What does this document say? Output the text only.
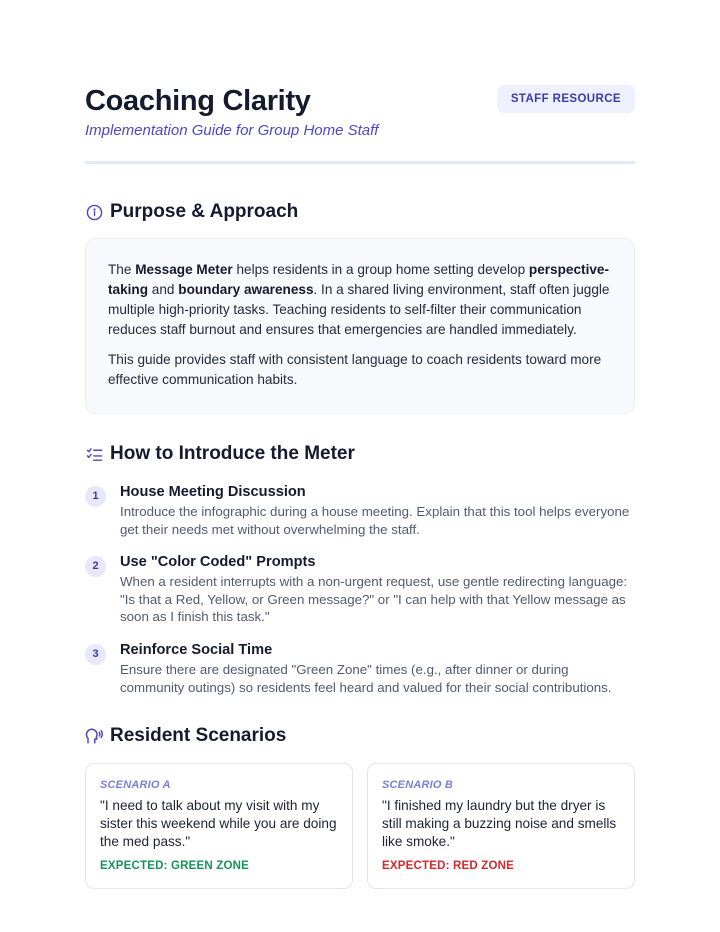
Coaching Clarity
Implementation Guide for Group Home Staff
STAFF RESOURCE
Purpose & Approach

The Message Meter helps residents in a group home setting develop perspective-taking and boundary awareness. In a shared living environment, staff often juggle multiple high-priority tasks. Teaching residents to self-filter their communication reduces staff burnout and ensures that emergencies are handled immediately.

This guide provides staff with consistent language to coach residents toward more effective communication habits.

How to Introduce the Meter
1	House Meeting Discussion
Introduce the infographic during a house meeting. Explain that this tool helps everyone get their needs met without overwhelming the staff.
2	Use "Color Coded" Prompts
When a resident interrupts with a non-urgent request, use gentle redirecting language: "Is that a Red, Yellow, or Green message?" or "I can help with that Yellow message as soon as I finish this task."
3	Reinforce Social Time
Ensure there are designated "Green Zone" times (e.g., after dinner or during community outings) so residents feel heard and valued for their social contributions.
Resident Scenarios
SCENARIO A
"I need to talk about my visit with my sister this weekend while you are doing the med pass."
EXPECTED: GREEN ZONE
SCENARIO B
"I finished my laundry but the dryer is still making a buzzing noise and smells like smoke."
EXPECTED: RED ZONE
